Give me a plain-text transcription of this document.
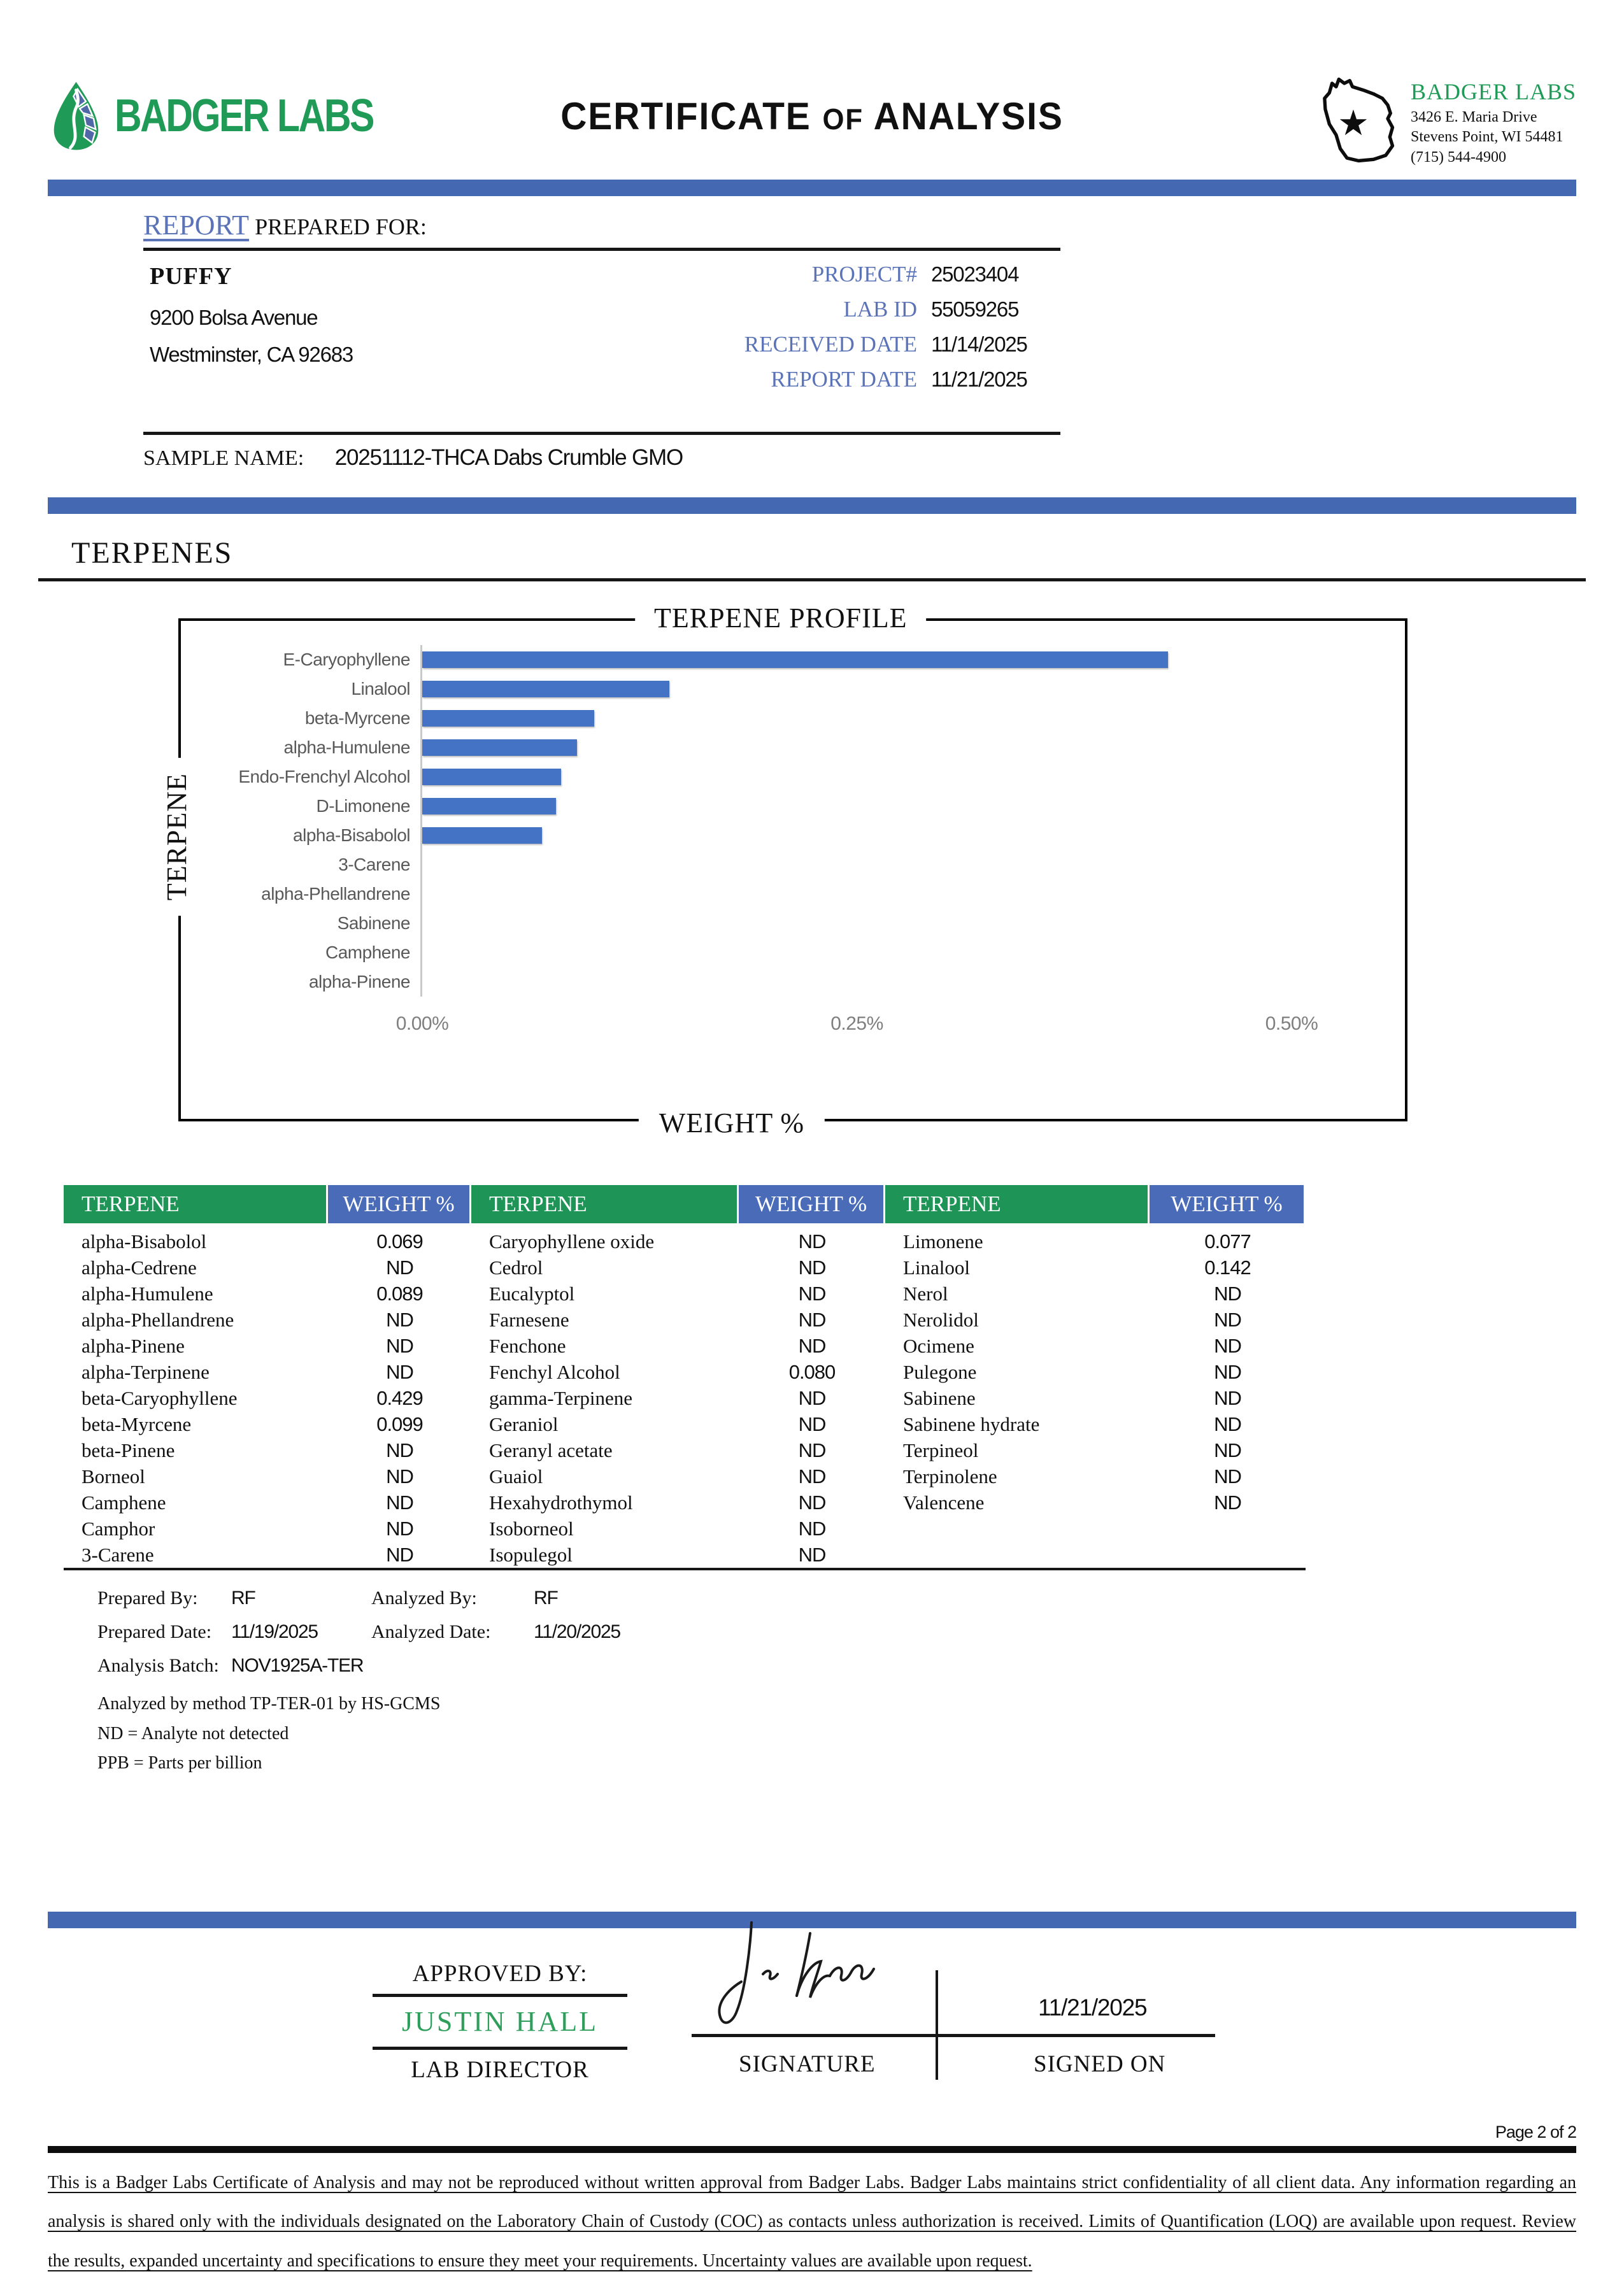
BADGER LABS	CERTIFICATE OF ANALYSIS	★
BADGER LABS
3426 E. Maria Drive
Stevens Point, WI 54481
(715) 544-4900
REPORT PREPARED FOR:
PUFFY
9200 Bolsa Avenue
Westminster, CA 92683
PROJECT# 25023404
LAB ID 55059265
RECEIVED DATE 11/14/2025
REPORT DATE 11/21/2025
SAMPLE NAME: 20251112-THCA Dabs Crumble GMO
TERPENES
TERPENE PROFILE
TERPENE
WEIGHT %
E-Caryophyllene
Linalool
beta-Myrcene
alpha-Humulene
Endo-Frenchyl Alcohol
D-Limonene
alpha-Bisabolol
3-Carene
alpha-Phellandrene
Sabinene
Camphene
alpha-Pinene
0.00%	0.25%	0.50%
TERPENE	WEIGHT %	TERPENE	WEIGHT %	TERPENE	WEIGHT %
alpha-Bisabolol	0.069	Caryophyllene oxide	ND	Limonene	0.077
alpha-Cedrene	ND	Cedrol	ND	Linalool	0.142
alpha-Humulene	0.089	Eucalyptol	ND	Nerol	ND
alpha-Phellandrene	ND	Farnesene	ND	Nerolidol	ND
alpha-Pinene	ND	Fenchone	ND	Ocimene	ND
alpha-Terpinene	ND	Fenchyl Alcohol	0.080	Pulegone	ND
beta-Caryophyllene	0.429	gamma-Terpinene	ND	Sabinene	ND
beta-Myrcene	0.099	Geraniol	ND	Sabinene hydrate	ND
beta-Pinene	ND	Geranyl acetate	ND	Terpineol	ND
Borneol	ND	Guaiol	ND	Terpinolene	ND
Camphene	ND	Hexahydrothymol	ND	Valencene	ND
Camphor	ND	Isoborneol	ND
3-Carene	ND	Isopulegol	ND
Prepared By:	RF	Analyzed By:	RF
Prepared Date:	11/19/2025	Analyzed Date:	11/20/2025
Analysis Batch: NOV1925A-TER
Analyzed by method TP-TER-01 by HS-GCMS
ND = Analyte not detected
PPB = Parts per billion
APPROVED BY:
JUSTIN HALL
LAB DIRECTOR	SIGNATURE
11/21/2025
SIGNED ON
Page 2 of 2
This is a Badger Labs Certificate of Analysis and may not be reproduced without written approval from Badger Labs. Badger Labs maintains strict confidentiality of all client data. Any information regarding an analysis is shared only with the individuals designated on the Laboratory Chain of Custody (COC) as contacts unless authorization is received. Limits of Quantification (LOQ) are available upon request. Review the results, expanded uncertainty and specifications to ensure they meet your requirements. Uncertainty values are available upon request.
